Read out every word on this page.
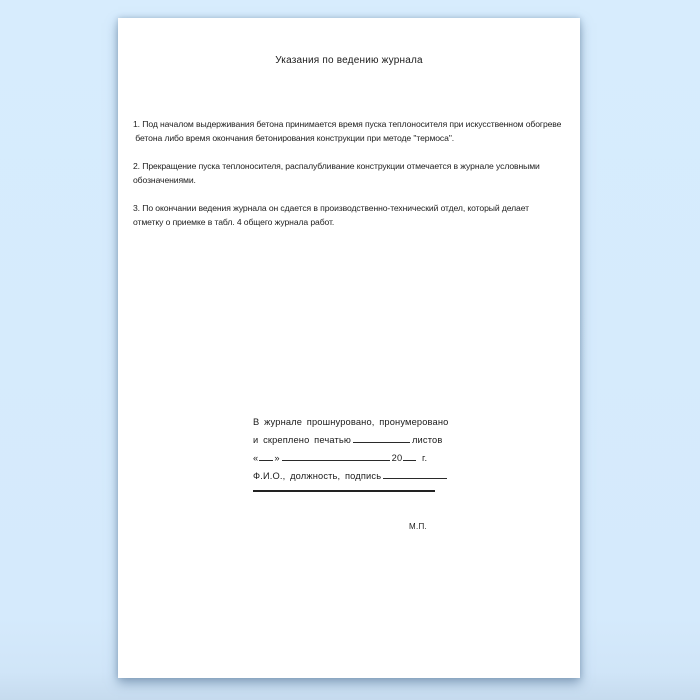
Указания по ведению журнала
1. Под началом выдерживания бетона принимается время пуска теплоносителя при искусственном обогреве
бетона либо время окончания бетонирования конструкции при методе "термоса".
2. Прекращение пуска теплоносителя, распалубливание конструкции отмечается в журнале условными
обозначениями.
3. По окончании ведения журнала он сдается в производственно-технический отдел, который делает
отметку о приемке в табл. 4 общего журнала работ.
В журнале прошнуровано, пронумеровано
и скреплено печатью	листов
« »	20 г.
Ф.И.О., должность, подпись
М.П.
